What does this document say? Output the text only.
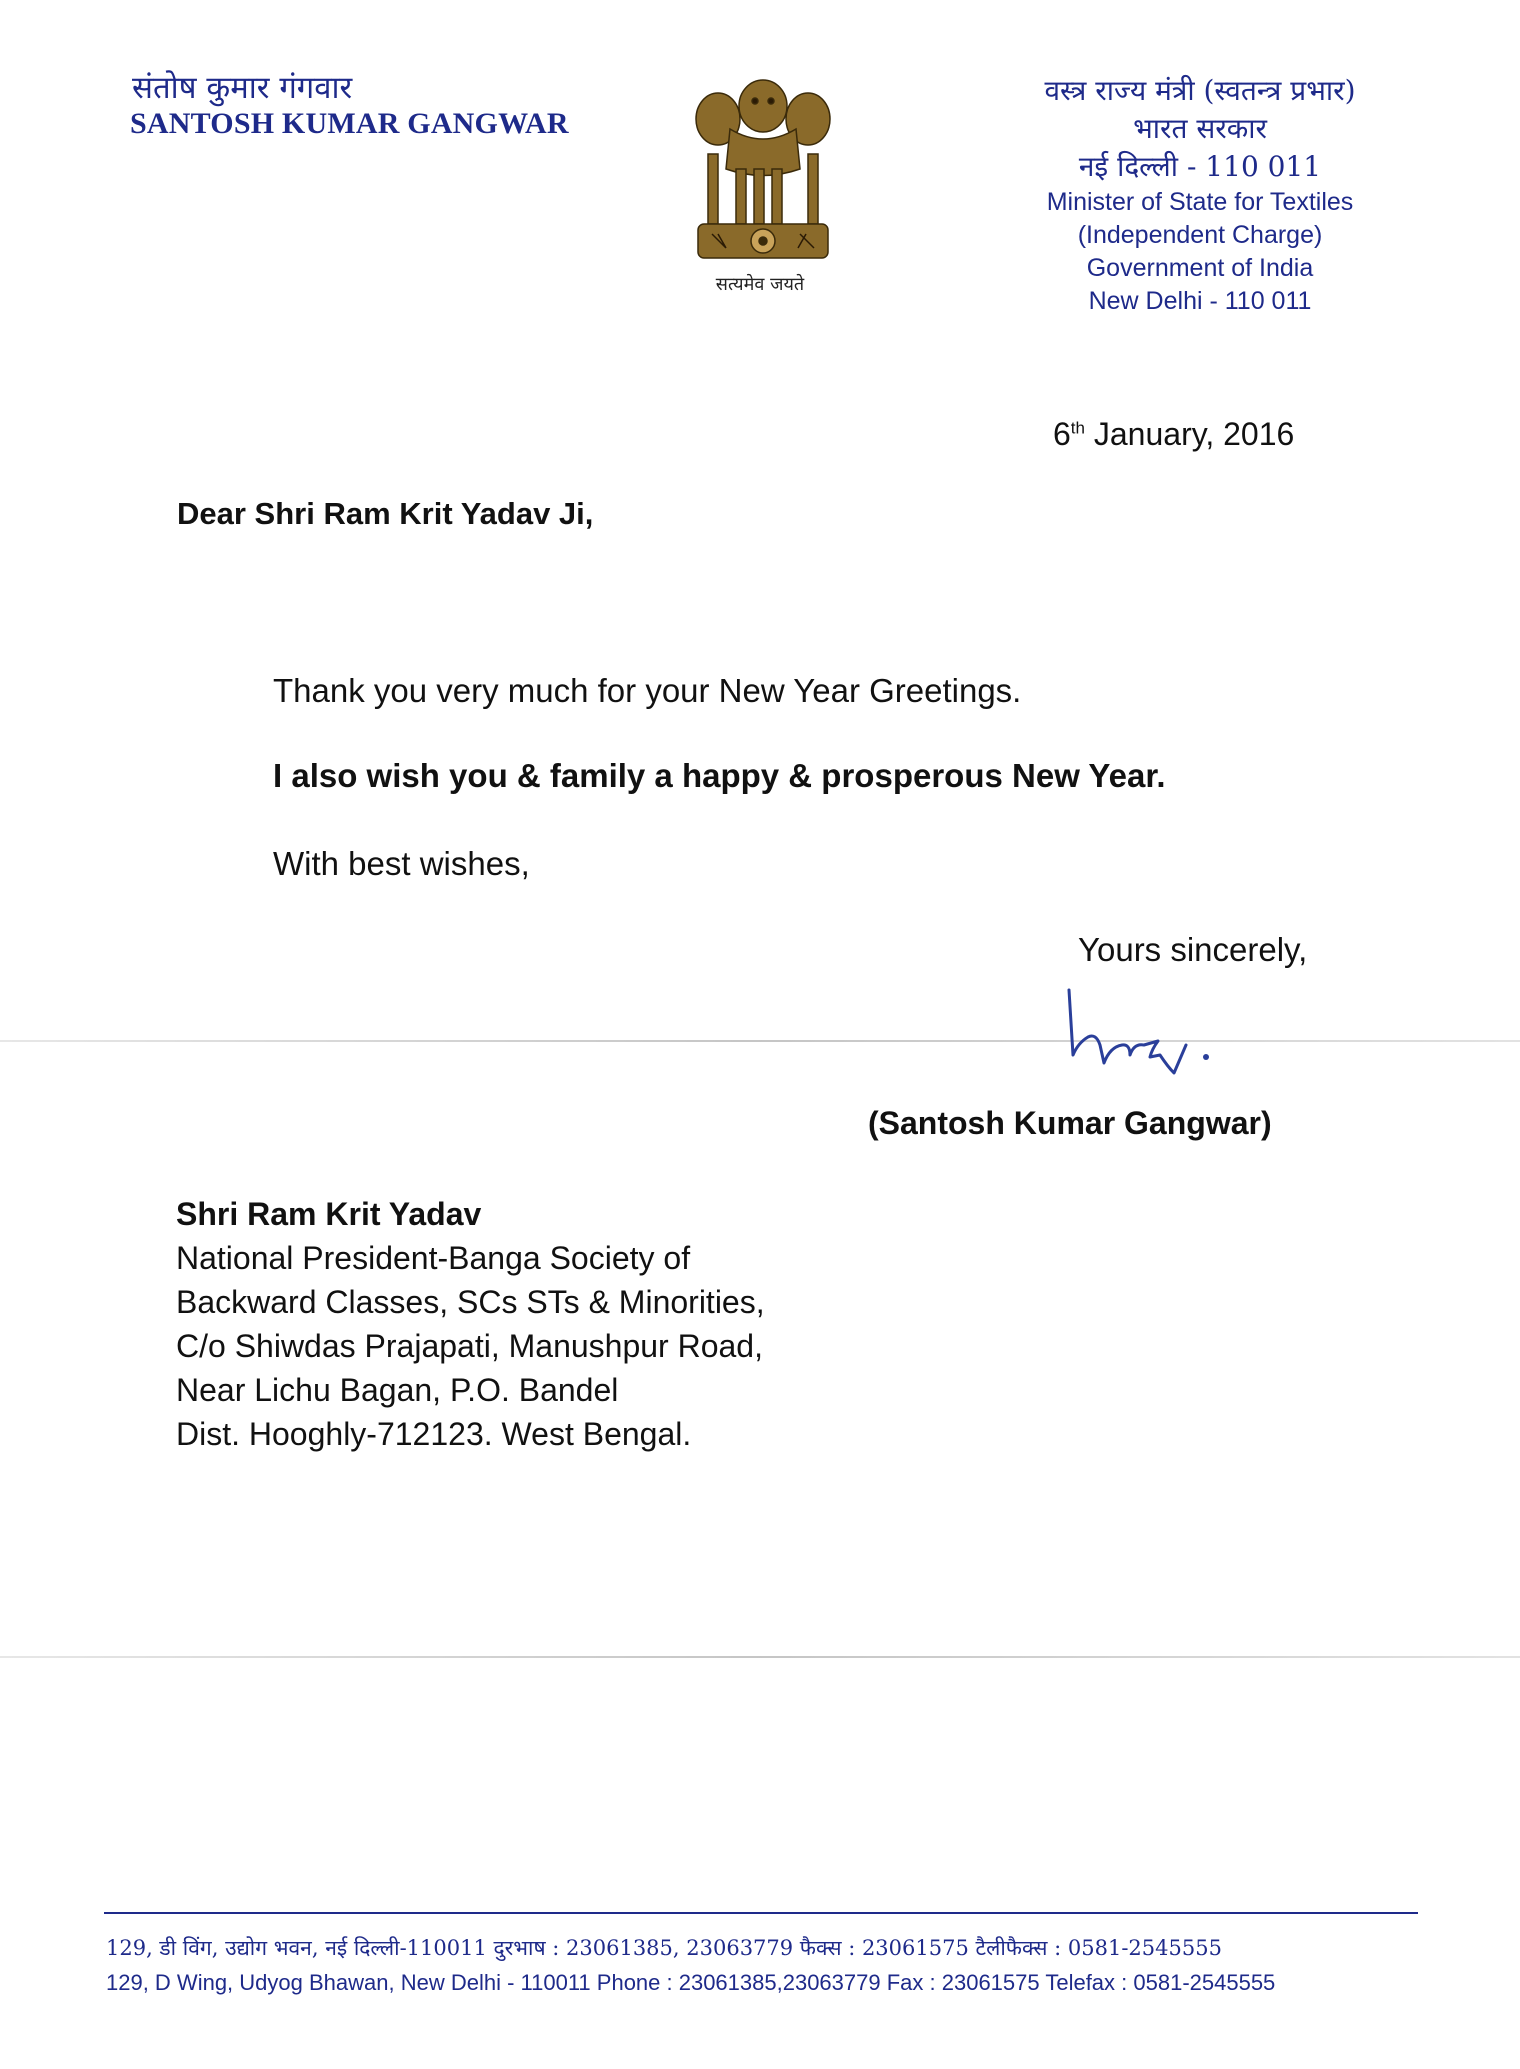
संतोष कुमार गंगवार
SANTOSH KUMAR GANGWAR
सत्यमेव जयते
वस्त्र राज्य मंत्री (स्वतन्त्र प्रभार)
भारत सरकार
नई दिल्ली - 110 011
Minister of State for Textiles
(Independent Charge)
Government of India
New Delhi - 110 011
6th January, 2016
Dear Shri Ram Krit Yadav Ji,
Thank you very much for your New Year Greetings.
I also wish you & family a happy & prosperous New Year.
With best wishes,
Yours sincerely,
(Santosh Kumar Gangwar)
Shri Ram Krit Yadav
National President-Banga Society of
Backward Classes, SCs STs & Minorities,
C/o Shiwdas Prajapati, Manushpur Road,
Near Lichu Bagan, P.O. Bandel
Dist. Hooghly-712123. West Bengal.
129, डी विंग, उद्योग भवन, नई दिल्ली-110011 दुरभाष : 23061385, 23063779 फैक्स : 23061575 टैलीफैक्स : 0581-2545555
129, D Wing, Udyog Bhawan, New Delhi - 110011 Phone : 23061385,23063779 Fax : 23061575 Telefax : 0581-2545555
